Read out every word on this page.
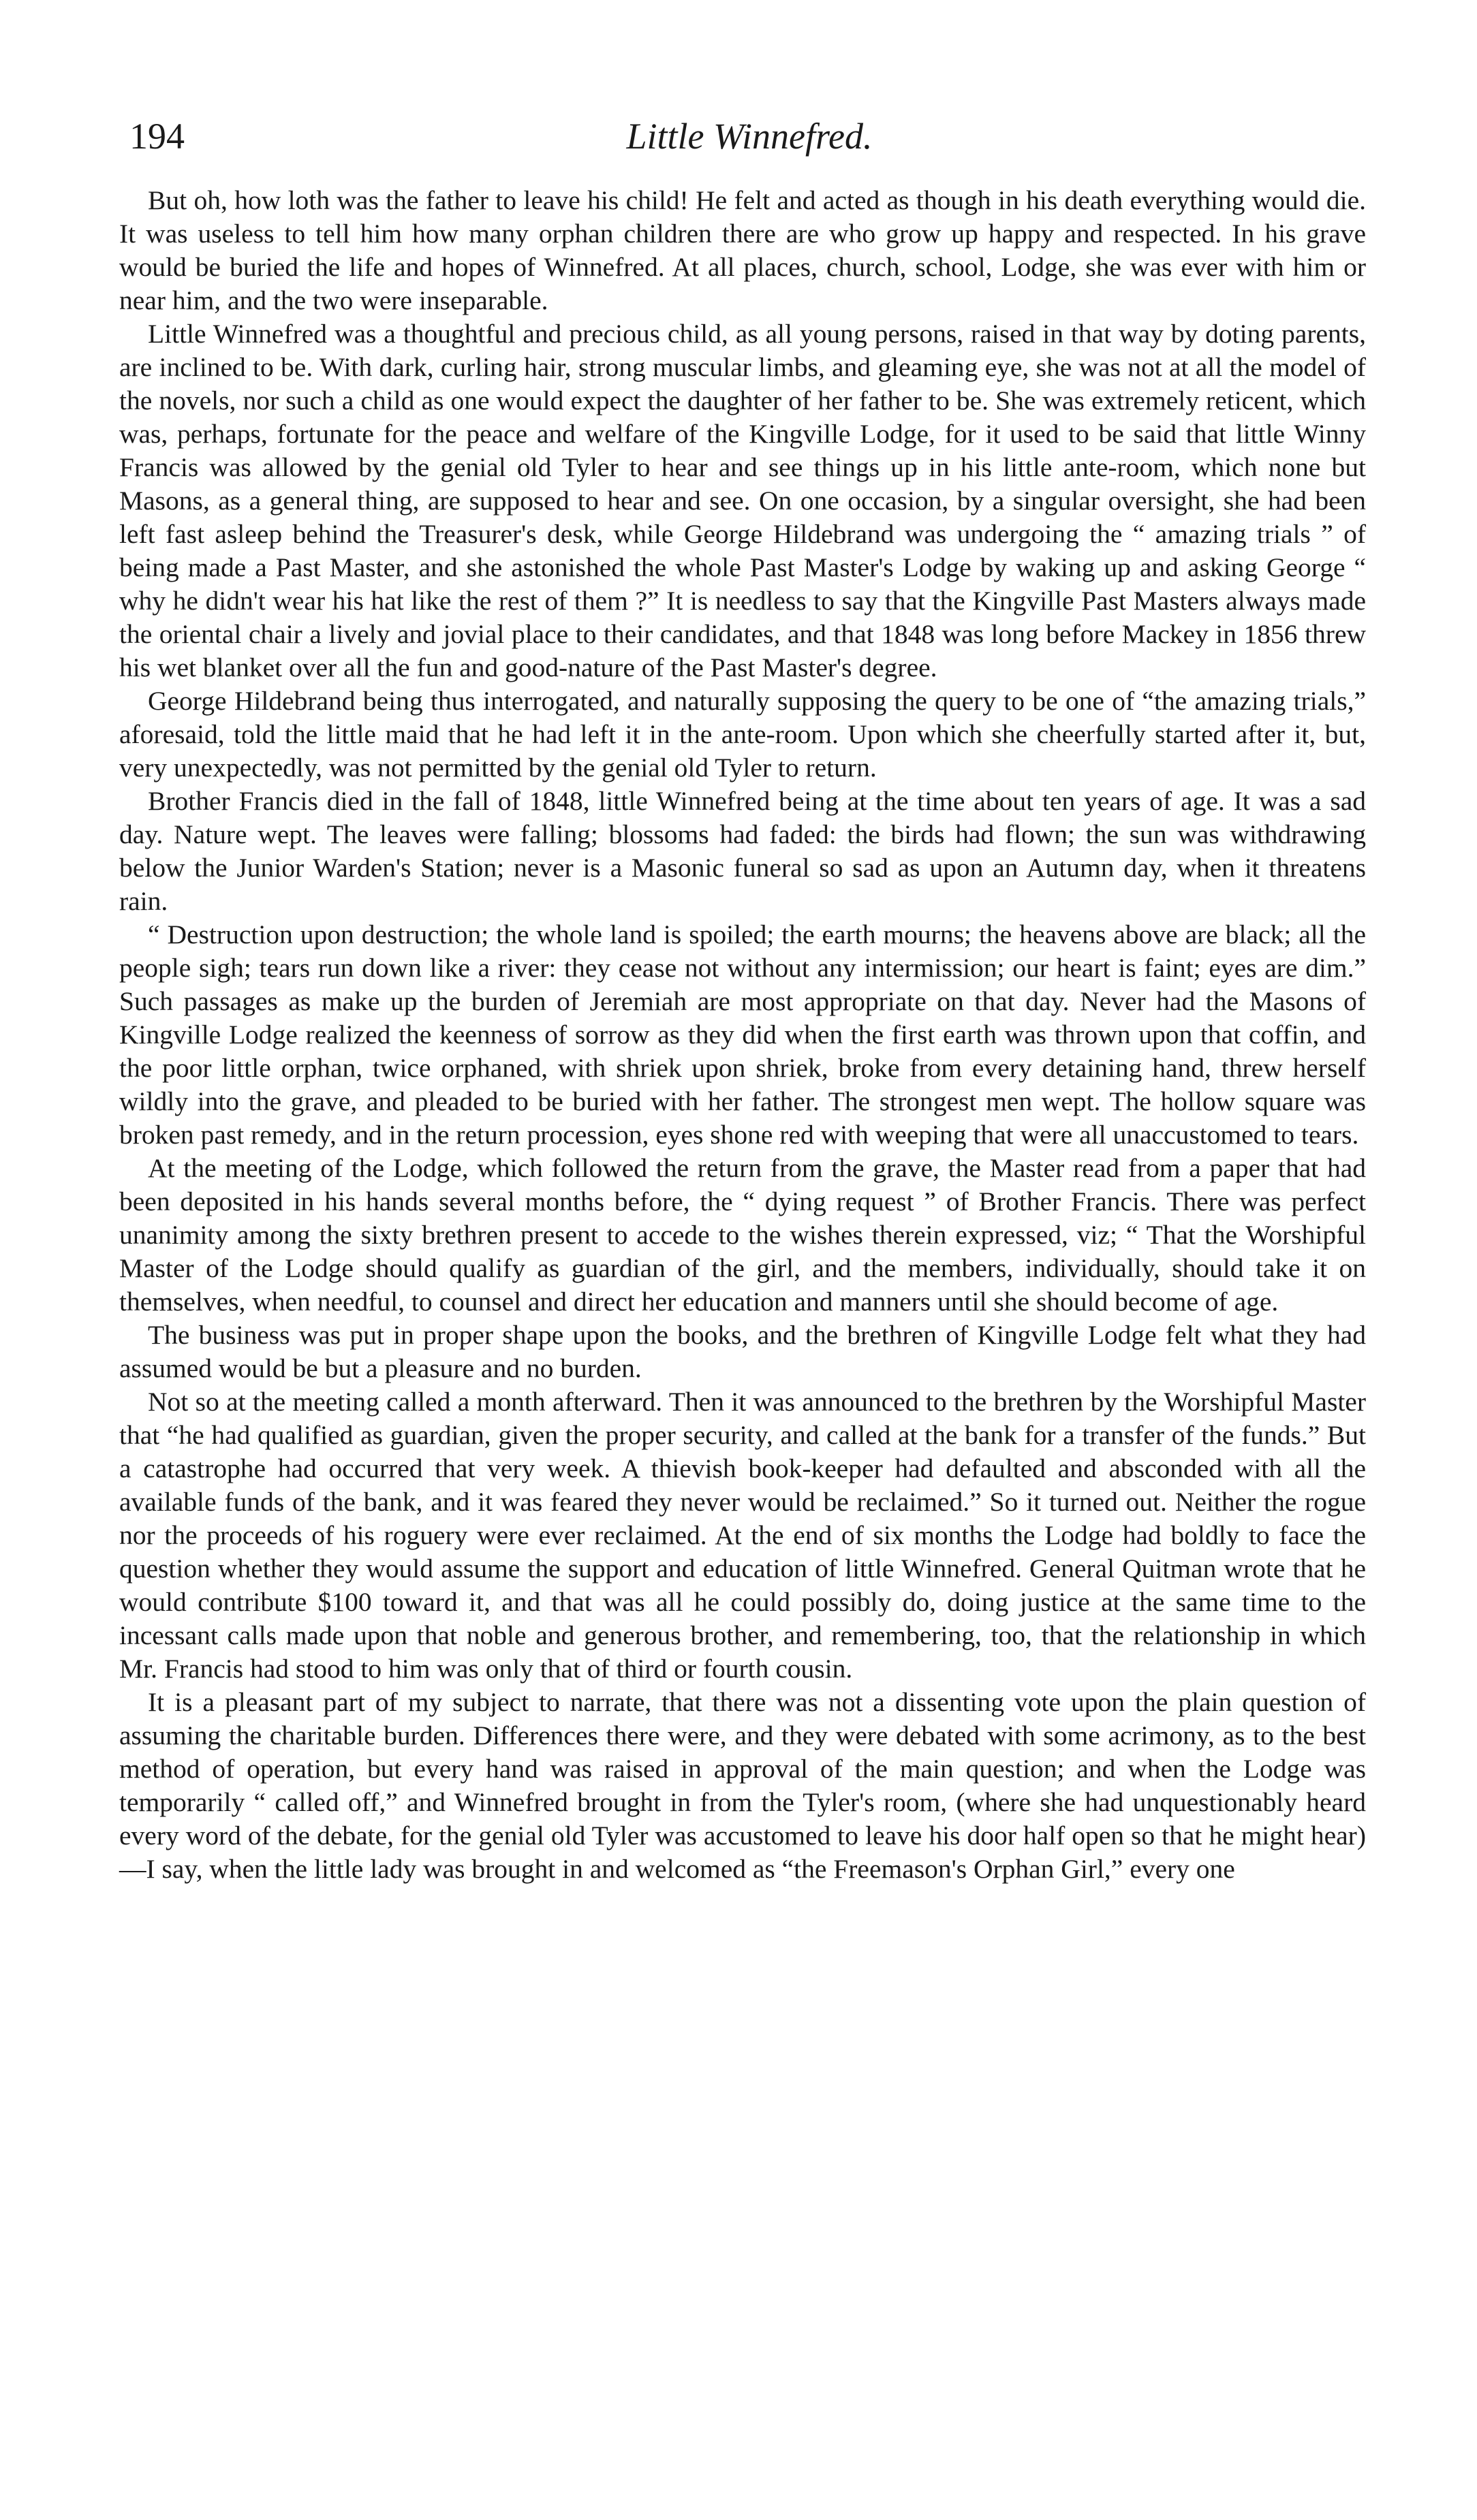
194	Little Winnefred.

But oh, how loth was the father to leave his child! He felt and acted as though in his death everything would die. It was useless to tell him how many orphan children there are who grow up happy and respected. In his grave would be buried the life and hopes of Winnefred. At all places, church, school, Lodge, she was ever with him or near him, and the two were inseparable.

Little Winnefred was a thoughtful and precious child, as all young persons, raised in that way by doting parents, are inclined to be. With dark, curling hair, strong muscular limbs, and gleaming eye, she was not at all the model of the novels, nor such a child as one would expect the daughter of her father to be. She was extremely reticent, which was, perhaps, fortunate for the peace and welfare of the Kingville Lodge, for it used to be said that little Winny Francis was allowed by the genial old Tyler to hear and see things up in his little ante-room, which none but Masons, as a general thing, are supposed to hear and see. On one occasion, by a singular oversight, she had been left fast asleep behind the Treasurer's desk, while George Hildebrand was undergoing the “ amazing trials ” of being made a Past Master, and she astonished the whole Past Master's Lodge by waking up and asking George “ why he didn't wear his hat like the rest of them ?” It is needless to say that the Kingville Past Masters always made the oriental chair a lively and jovial place to their candidates, and that 1848 was long before Mackey in 1856 threw his wet blanket over all the fun and good-nature of the Past Master's degree.

George Hildebrand being thus interrogated, and naturally supposing the query to be one of “the amazing trials,” aforesaid, told the little maid that he had left it in the ante-room. Upon which she cheerfully started after it, but, very unexpectedly, was not permitted by the genial old Tyler to return.

Brother Francis died in the fall of 1848, little Winnefred being at the time about ten years of age. It was a sad day. Nature wept. The leaves were falling; blossoms had faded: the birds had flown; the sun was withdrawing below the Junior Warden's Station; never is a Masonic funeral so sad as upon an Autumn day, when it threatens rain.

“ Destruction upon destruction; the whole land is spoiled; the earth mourns; the heavens above are black; all the people sigh; tears run down like a river: they cease not without any intermission; our heart is faint; eyes are dim.” Such passages as make up the burden of Jeremiah are most appropriate on that day. Never had the Masons of Kingville Lodge realized the keenness of sorrow as they did when the first earth was thrown upon that coffin, and the poor little orphan, twice orphaned, with shriek upon shriek, broke from every detaining hand, threw herself wildly into the grave, and pleaded to be buried with her father. The strongest men wept. The hollow square was broken past remedy, and in the return procession, eyes shone red with weeping that were all unaccustomed to tears.

At the meeting of the Lodge, which followed the return from the grave, the Master read from a paper that had been deposited in his hands several months before, the “ dying request ” of Brother Francis. There was perfect unanimity among the sixty brethren present to accede to the wishes therein expressed, viz; “ That the Worshipful Master of the Lodge should qualify as guardian of the girl, and the members, individually, should take it on themselves, when needful, to counsel and direct her education and manners until she should become of age.

The business was put in proper shape upon the books, and the brethren of Kingville Lodge felt what they had assumed would be but a pleasure and no burden.

Not so at the meeting called a month afterward. Then it was announced to the brethren by the Worshipful Master that “he had qualified as guardian, given the proper security, and called at the bank for a transfer of the funds.” But a catastrophe had occurred that very week. A thievish book-keeper had defaulted and absconded with all the available funds of the bank, and it was feared they never would be reclaimed.” So it turned out. Neither the rogue nor the proceeds of his roguery were ever reclaimed. At the end of six months the Lodge had boldly to face the question whether they would assume the support and education of little Winnefred. General Quitman wrote that he would contribute $100 toward it, and that was all he could possibly do, doing justice at the same time to the incessant calls made upon that noble and generous brother, and remembering, too, that the relationship in which Mr. Francis had stood to him was only that of third or fourth cousin.

It is a pleasant part of my subject to narrate, that there was not a dissenting vote upon the plain question of assuming the charitable burden. Differences there were, and they were debated with some acrimony, as to the best method of operation, but every hand was raised in approval of the main question; and when the Lodge was temporarily “ called off,” and Winnefred brought in from the Tyler's room, (where she had unquestionably heard every word of the debate, for the genial old Tyler was accustomed to leave his door half open so that he might hear)—I say, when the little lady was brought in and welcomed as “the Freemason's Orphan Girl,” every one
